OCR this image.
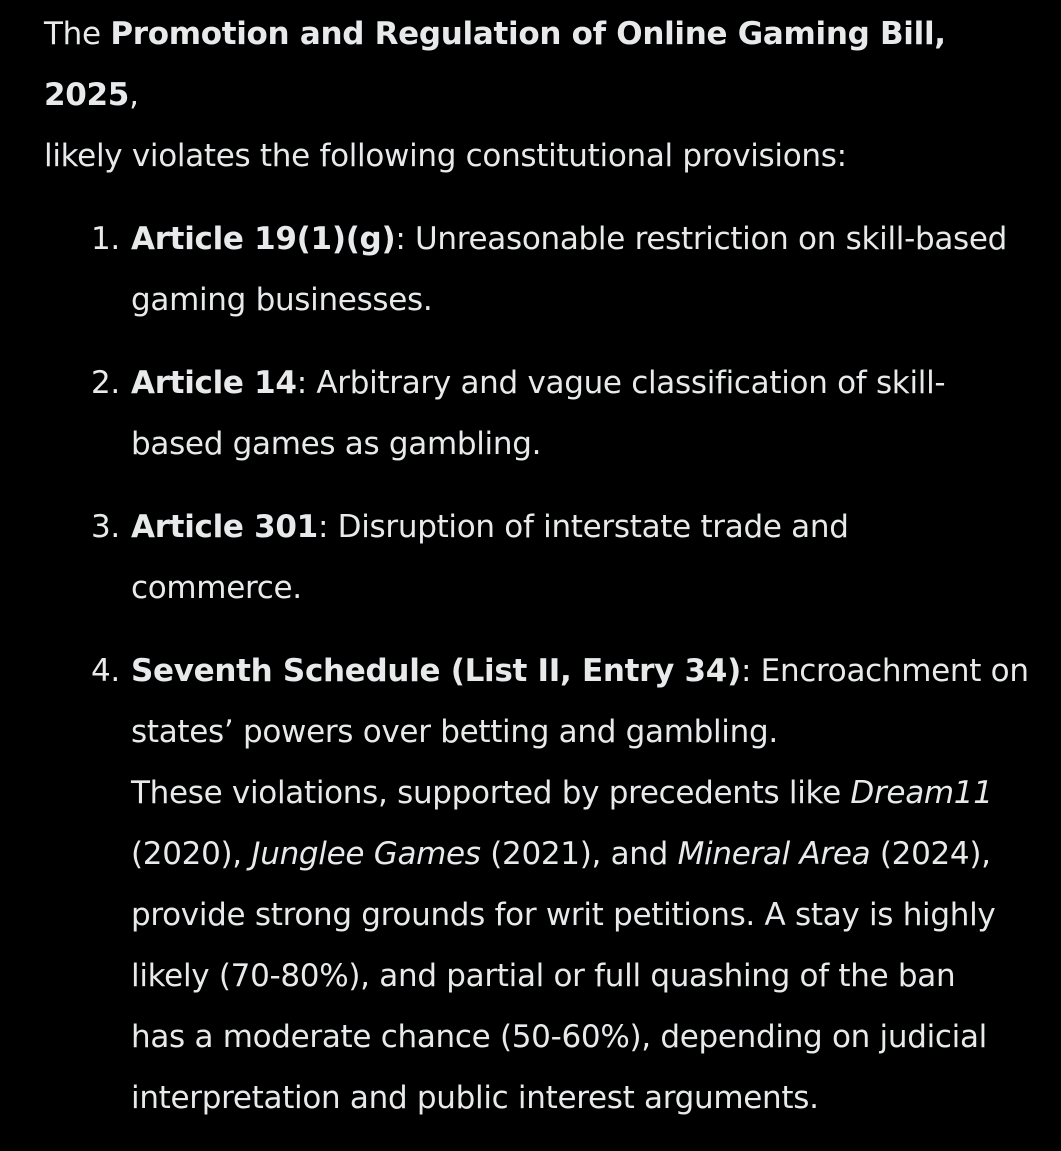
The Promotion and Regulation of Online Gaming Bill, 2025,
likely violates the following constitutional provisions:

1. Article 19(1)(g): Unreasonable restriction on skill-based
gaming businesses.
2. Article 14: Arbitrary and vague classification of skill-
based games as gambling.
3. Article 301: Disruption of interstate trade and
commerce.
4. Seventh Schedule (List II, Entry 34): Encroachment on
states’ powers over betting and gambling.
These violations, supported by precedents like Dream11
(2020), Junglee Games (2021), and Mineral Area (2024),
provide strong grounds for writ petitions. A stay is highly
likely (70-80%), and partial or full quashing of the ban
has a moderate chance (50-60%), depending on judicial
interpretation and public interest arguments.
